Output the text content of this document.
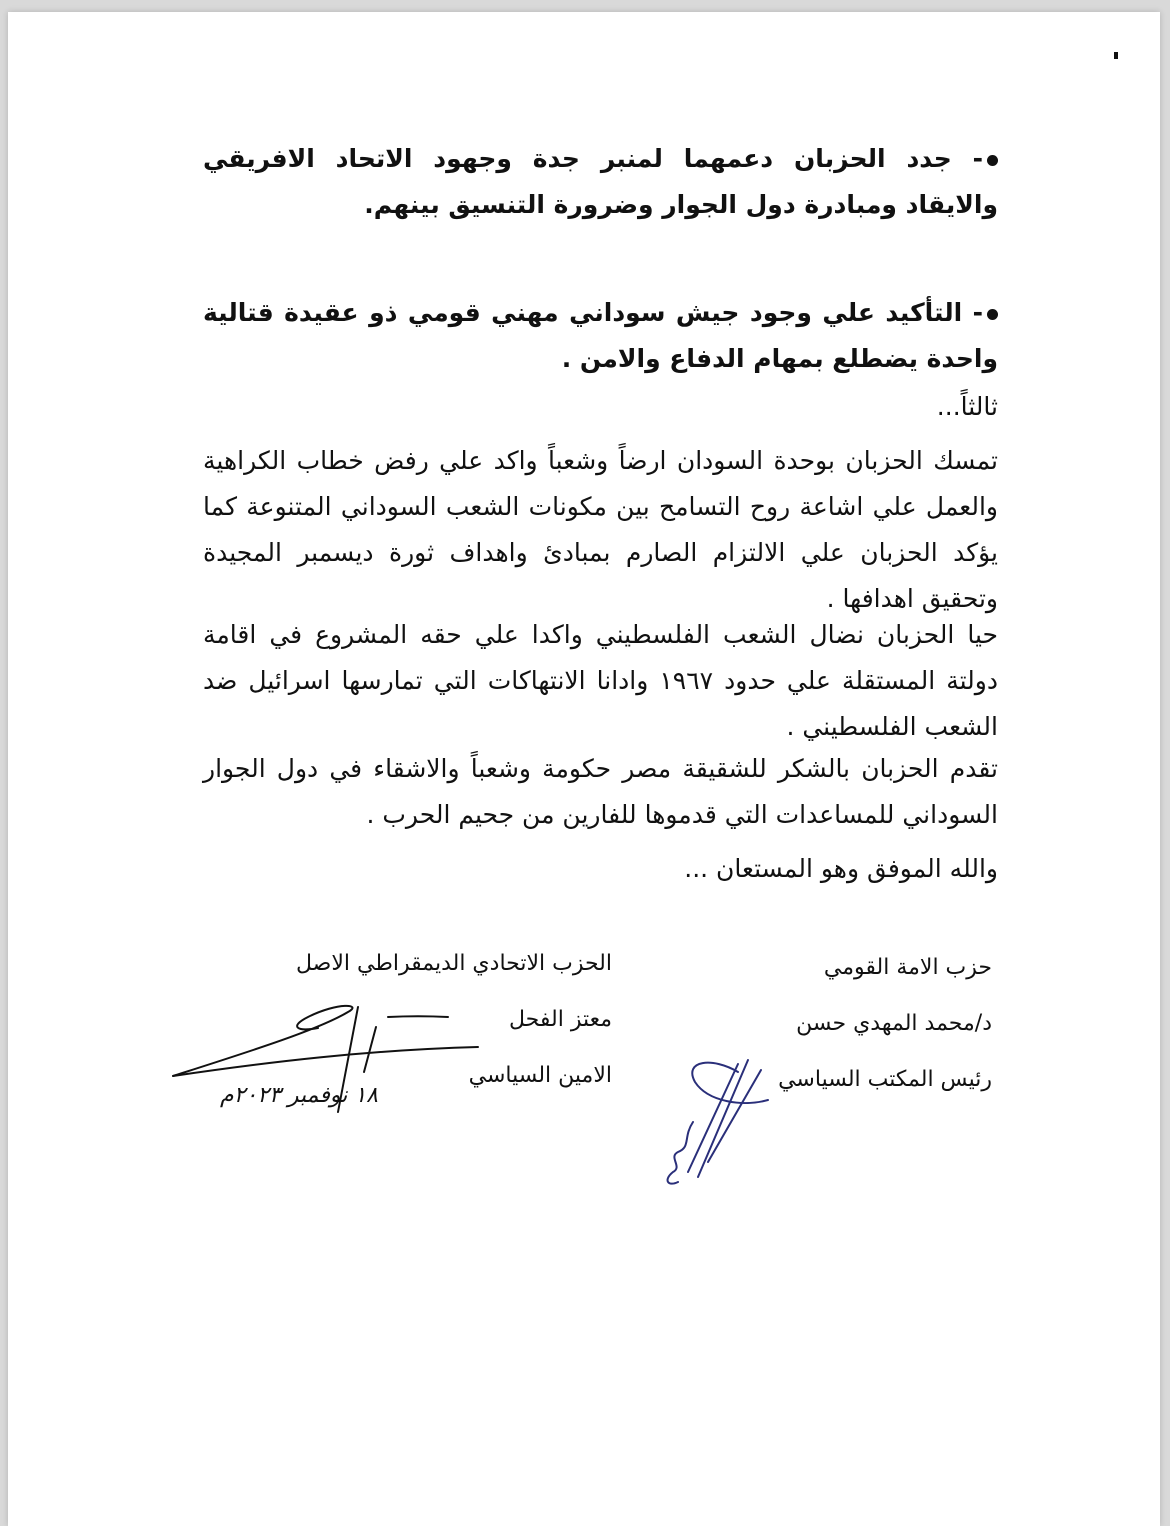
- جدد الحزبان دعمهما لمنبر جدة وجهود الاتحاد الافريقي والايقاد ومبادرة دول الجوار وضرورة التنسيق بينهم.
- التأكيد علي وجود جيش سوداني مهني قومي ذو عقيدة قتالية واحدة يضطلع بمهام الدفاع والامن .
ثالثاً...
تمسك الحزبان بوحدة السودان ارضاً وشعباً واكد علي رفض خطاب الكراهية والعمل علي اشاعة روح التسامح بين مكونات الشعب السوداني المتنوعة كما يؤكد الحزبان علي الالتزام الصارم بمبادئ واهداف ثورة ديسمبر المجيدة وتحقيق اهدافها .
حيا الحزبان نضال الشعب الفلسطيني واكدا علي حقه المشروع في اقامة دولتة المستقلة علي حدود ١٩٦٧ وادانا الانتهاكات التي تمارسها اسرائيل ضد الشعب الفلسطيني .
تقدم الحزبان بالشكر للشقيقة مصر حكومة وشعباً والاشقاء في دول الجوار السوداني للمساعدات التي قدموها للفارين من جحيم الحرب .
والله الموفق وهو المستعان ...
حزب الامة القومي
د/محمد المهدي حسن
رئيس المكتب السياسي
الحزب الاتحادي الديمقراطي الاصل
معتز الفحل
الامين السياسي
١٨ نوفمبر ٢٠٢٣م
